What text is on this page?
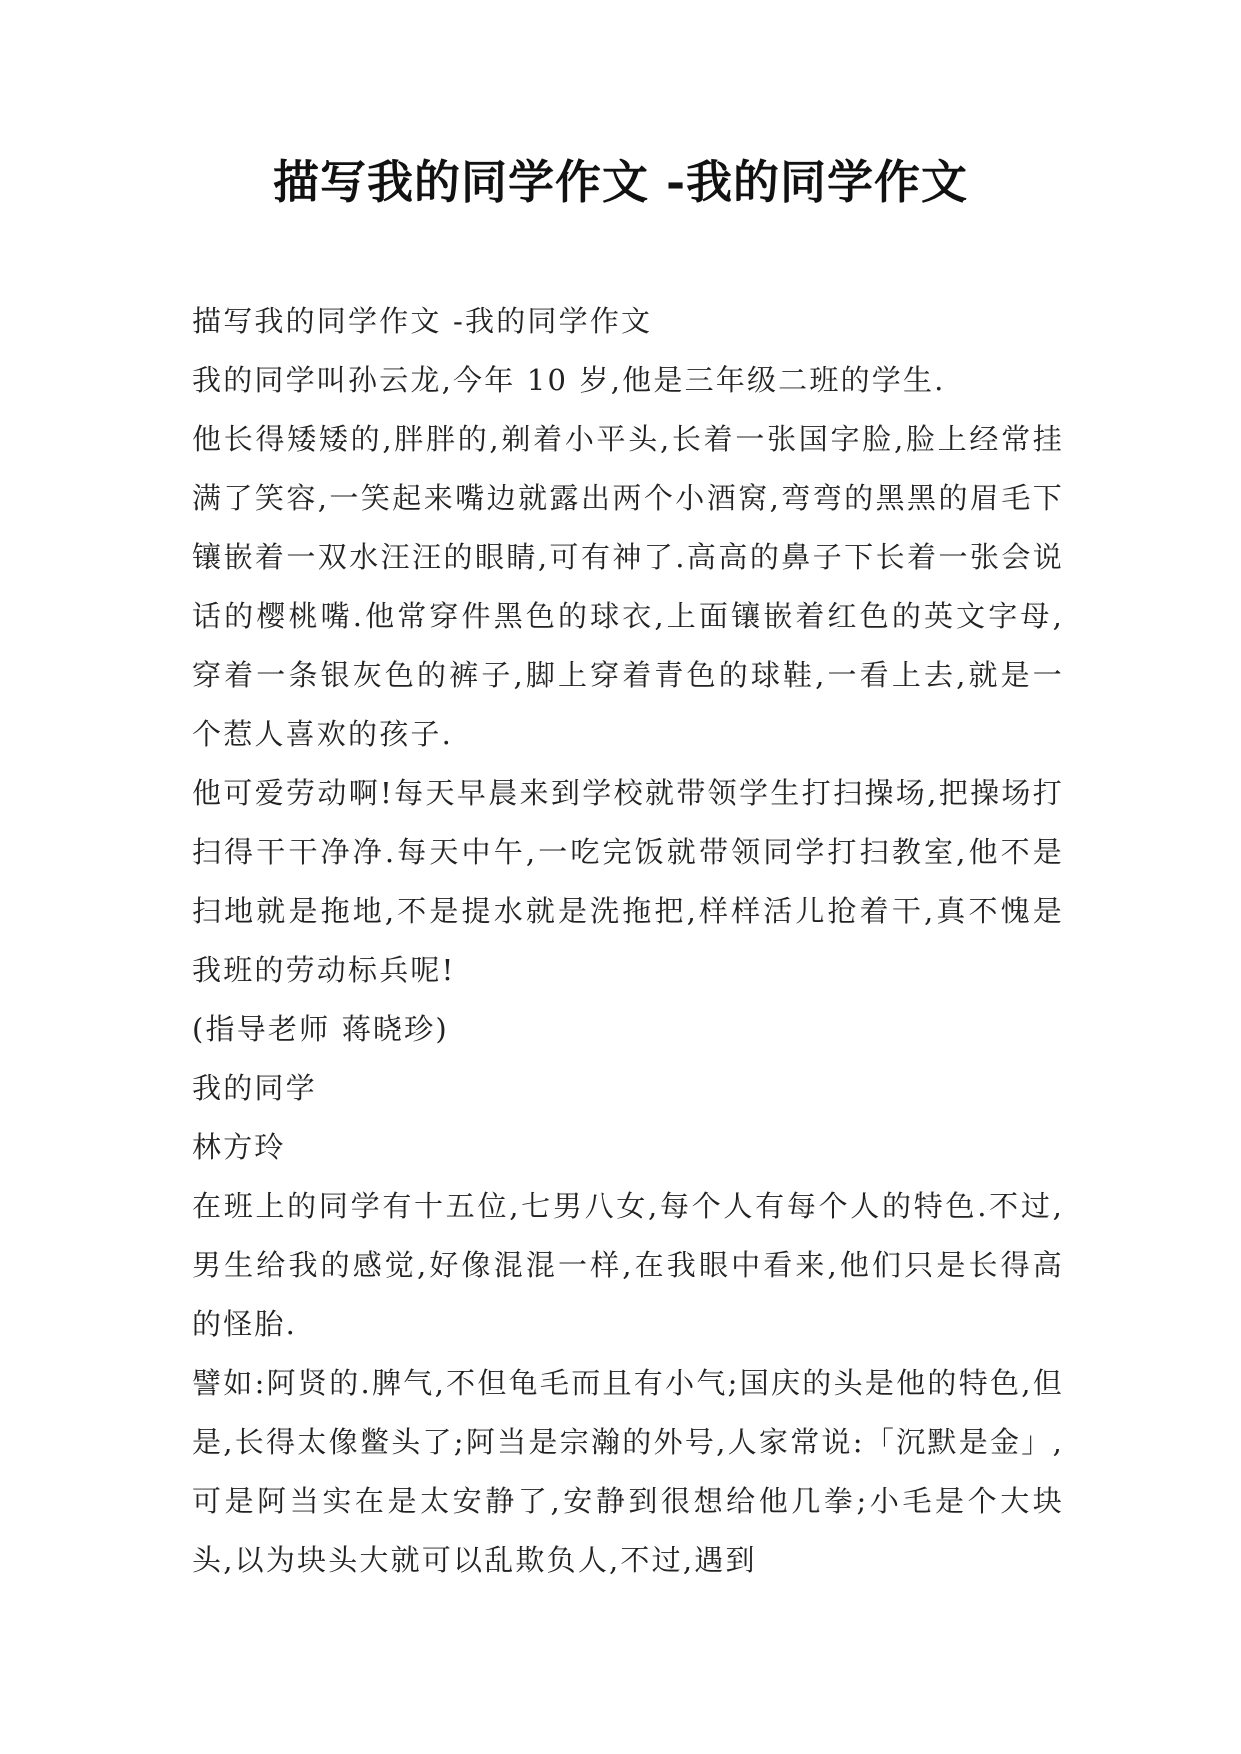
描写我的同学作文 -我的同学作文

描写我的同学作文 -我的同学作文

我的同学叫孙云龙,今年 10 岁,他是三年级二班的学生.

他长得矮矮的,胖胖的,剃着小平头,长着一张国字脸,脸上经常挂满了笑容,一笑起来嘴边就露出两个小酒窝,弯弯的黑黑的眉毛下镶嵌着一双水汪汪的眼睛,可有神了.高高的鼻子下长着一张会说话的樱桃嘴.他常穿件黑色的球衣,上面镶嵌着红色的英文字母,穿着一条银灰色的裤子,脚上穿着青色的球鞋,一看上去,就是一个惹人喜欢的孩子.

他可爱劳动啊!每天早晨来到学校就带领学生打扫操场,把操场打扫得干干净净.每天中午,一吃完饭就带领同学打扫教室,他不是扫地就是拖地,不是提水就是洗拖把,样样活儿抢着干,真不愧是我班的劳动标兵呢!

(指导老师 蒋晓珍)

我的同学

林方玲

在班上的同学有十五位,七男八女,每个人有每个人的特色.不过,男生给我的感觉,好像混混一样,在我眼中看来,他们只是长得高的怪胎.

譬如:阿贤的.脾气,不但龟毛而且有小气;国庆的头是他的特色,但是,长得太像鳖头了;阿当是宗瀚的外号,人家常说:「沉默是金」,可是阿当实在是太安静了,安静到很想给他几拳;小毛是个大块头,以为块头大就可以乱欺负人,不过,遇到
